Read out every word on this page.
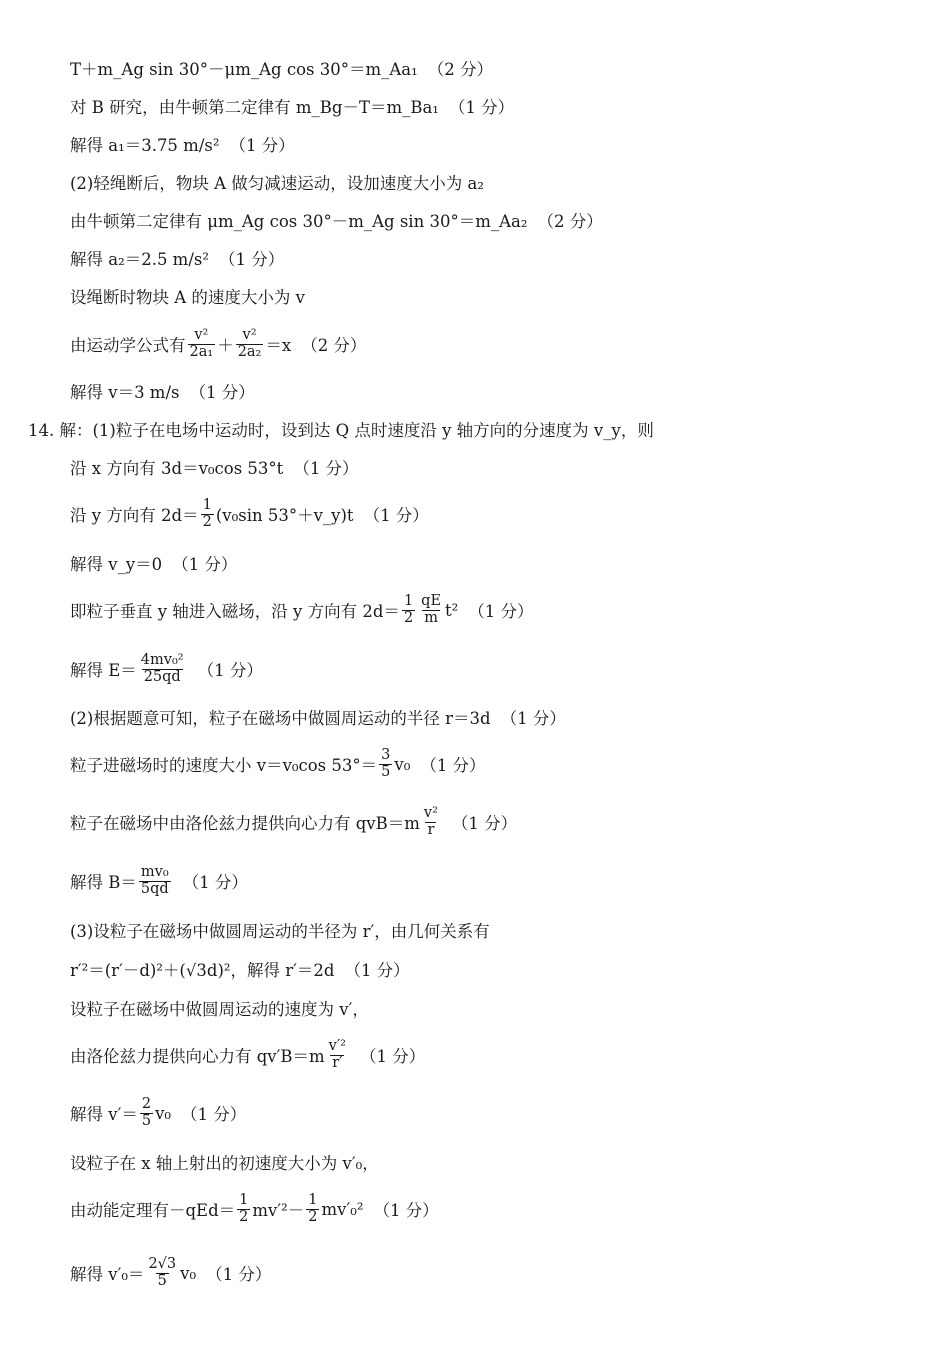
T＋m_Ag sin 30°－μm_Ag cos 30°＝m_Aa₁ （2 分）
对 B 研究，由牛顿第二定律有 m_Bg－T＝m_Ba₁ （1 分）
解得 a₁＝3.75 m/s² （1 分）
(2)轻绳断后，物块 A 做匀减速运动，设加速度大小为 a₂
由牛顿第二定律有 μm_Ag cos 30°－m_Ag sin 30°＝m_Aa₂ （2 分）
解得 a₂＝2.5 m/s² （1 分）
设绳断时物块 A 的速度大小为 v
由运动学公式有 $\frac{\text{v²}}{\text{2a₁}} + \frac{\text{v²}}{\text{2a₂}} =x$ （2 分）
解得 v＝3 m/s （1 分）
14. 解：(1)粒子在电场中运动时，设到达 Q 点时速度沿 y 轴方向的分速度为 v_y，则
沿 x 方向有 3d＝v₀cos 53°t （1 分）
沿 y 方向有 $2d= \frac{1}{2} (v_0\sin$ 53°＋v_y)t （1 分）
解得 v_y＝0 （1 分）
即粒子垂直 y 轴进入磁场，沿 y 方向有 $2d= \frac{1}{2} \frac{qE}{m} t^2$ （1 分）
解得 $E= \frac{\text{4mv₀²}}{25qd} (1$ 分）
(2)根据题意可知，粒子在磁场中做圆周运动的半径 r＝3d （1 分）
粒子进磁场时的速度大小 v＝v₀cos $53^\circ= \frac{3}{5} v_0$ （1 分）
粒子在磁场中由洛伦兹力提供向心力有 $qvB=m \frac{\text{v²}}{r} (1$ 分）
解得 $B= \frac{\text{mv₀}}{5qd} (1$ 分）
(3)设粒子在磁场中做圆周运动的半径为 r′，由几何关系有
r′²＝(r′－d)²＋(√3d)²，解得 r′＝2d （1 分）
设粒子在磁场中做圆周运动的速度为 v′，
由洛伦兹力提供向心力有 $qv'B=m \frac{\text{v′²}}{r'} (1$ 分）
解得 $v'= \frac{2}{5} v_0$ （1 分）
设粒子在 x 轴上射出的初速度大小为 v′₀，
由动能定理有$-qEd= \frac{1}{2} mv'^2- \frac{1}{2} mv'_0^2$ （1 分）
解得 $v'_0= \frac{2√3}{5} v_0$ （1 分）
